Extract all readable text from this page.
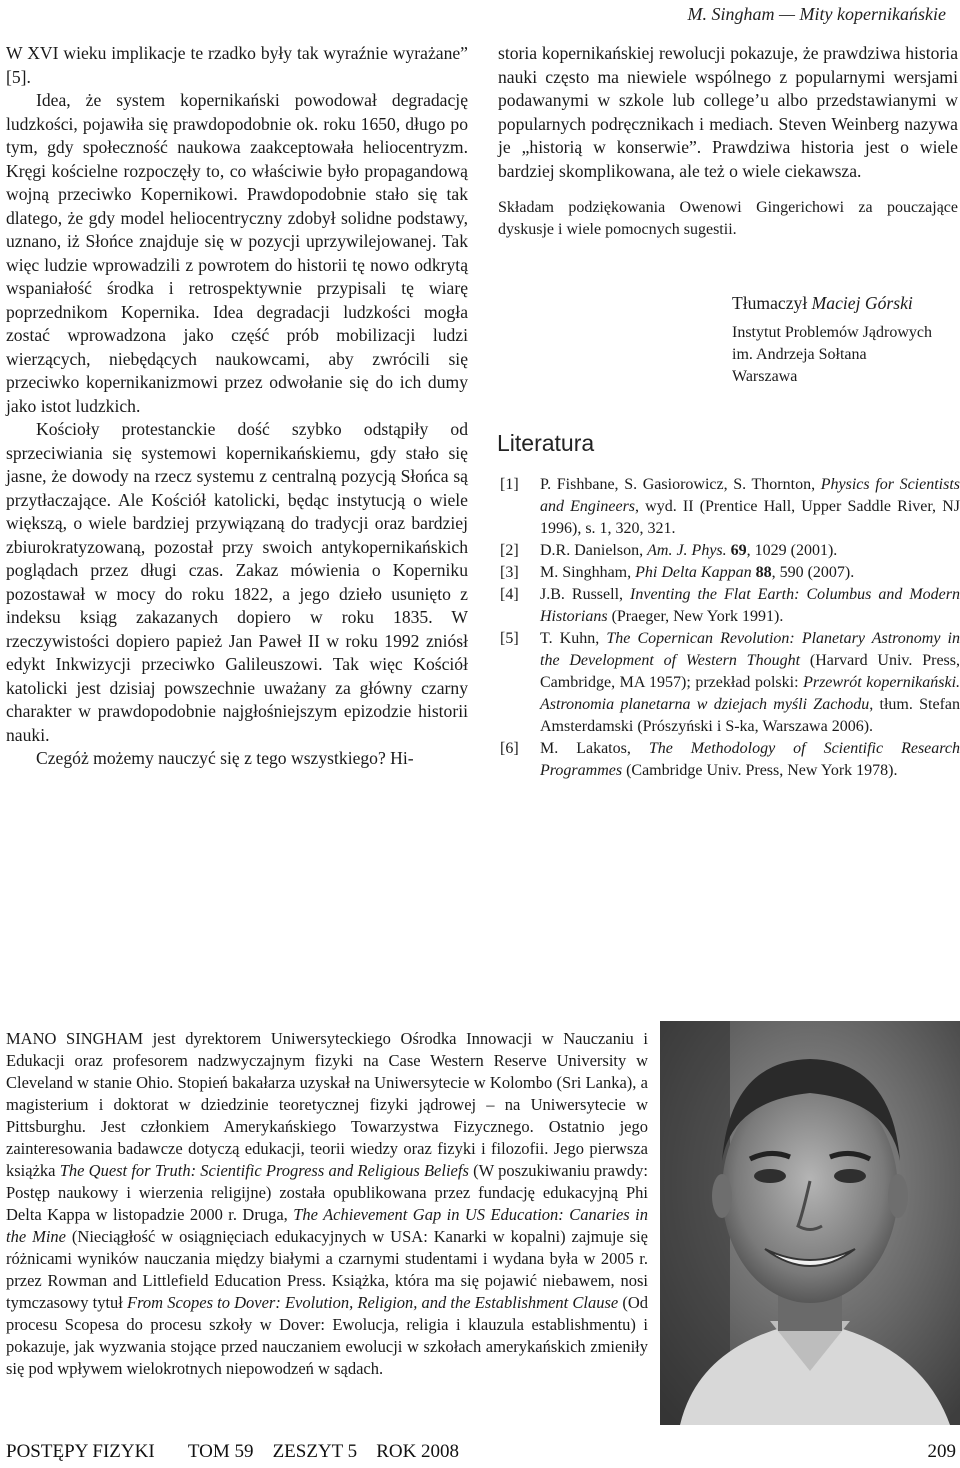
M. Singham — Mity kopernikańskie

W XVI wieku implikacje te rzadko były tak wyraźnie wyrażane” [5].

Idea, że system kopernikański powodował degradację ludzkości, pojawiła się prawdopodobnie ok. roku 1650, długo po tym, gdy społeczność naukowa zaakceptowała heliocentryzm. Kręgi kościelne rozpoczęły to, co właściwie było propagandową wojną przeciwko Kopernikowi. Prawdopodobnie stało się tak dlatego, że gdy model heliocentryczny zdobył solidne podstawy, uznano, iż Słońce znajduje się w pozycji uprzywilejowanej. Tak więc ludzie wprowadzili z powrotem do historii tę nowo odkrytą wspaniałość środka i retrospektywnie przypisali tę wiarę poprzednikom Kopernika. Idea degradacji ludzkości mogła zostać wprowadzona jako część prób mobilizacji ludzi wierzących, niebędących naukowcami, aby zwrócili się przeciwko kopernikanizmowi przez odwołanie się do ich dumy jako istot ludzkich.

Kościoły protestanckie dość szybko odstąpiły od sprzeciwiania się systemowi kopernikańskiemu, gdy stało się jasne, że dowody na rzecz systemu z centralną pozycją Słońca są przytłaczające. Ale Kościół katolicki, będąc instytucją o wiele większą, o wiele bardziej przywiązaną do tradycji oraz bardziej zbiurokratyzowaną, pozostał przy swoich antykopernikańskich poglądach przez długi czas. Zakaz mówienia o Koperniku pozostawał w mocy do roku 1822, a jego dzieło usunięto z indeksu ksiąg zakazanych dopiero w roku 1835. W rzeczywistości dopiero papież Jan Paweł II w roku 1992 zniósł edykt Inkwizycji przeciwko Galileuszowi. Tak więc Kościół katolicki jest dzisiaj powszechnie uważany za główny czarny charakter w prawdopodobnie najgłośniejszym epizodzie historii nauki.

Czegóż możemy nauczyć się z tego wszystkiego? Hi-

storia kopernikańskiej rewolucji pokazuje, że prawdziwa historia nauki często ma niewiele wspólnego z popularnymi wersjami podawanymi w szkole lub college’u albo przedstawianymi w popularnych podręcznikach i mediach. Steven Weinberg nazywa je „historią w konserwie”. Prawdziwa historia jest o wiele bardziej skomplikowana, ale też o wiele ciekawsza.

Składam podziękowania Owenowi Gingerichowi za pouczające dyskusje i wiele pomocnych sugestii.

Tłumaczył Maciej Górski
Instytut Problemów Jądrowych
im. Andrzeja Sołtana
Warszawa
Literatura
[1]	P. Fishbane, S. Gasiorowicz, S. Thornton, Physics for Scientists and Engineers, wyd. II (Prentice Hall, Upper Saddle River, NJ 1996), s. 1, 320, 321.
[2]	D.R. Danielson, Am. J. Phys. 69, 1029 (2001).
[3]	M. Singhham, Phi Delta Kappan 88, 590 (2007).
[4]	J.B. Russell, Inventing the Flat Earth: Columbus and Modern Historians (Praeger, New York 1991).
[5]	T. Kuhn, The Copernican Revolution: Planetary Astronomy in the Development of Western Thought (Harvard Univ. Press, Cambridge, MA 1957); przekład polski: Przewrót kopernikański. Astronomia planetarna w dziejach myśli Zachodu, tłum. Stefan Amsterdamski (Prószyński i S-ka, Warszawa 2006).
[6]	M. Lakatos, The Methodology of Scientific Research Programmes (Cambridge Univ. Press, New York 1978).
MANO SINGHAM jest dyrektorem Uniwersyteckiego Ośrodka Innowacji w Nauczaniu i Edukacji oraz profesorem nadzwyczajnym fizyki na Case Western Reserve University w Cleveland w stanie Ohio. Stopień bakałarza uzyskał na Uniwersytecie w Kolombo (Sri Lanka), a magisterium i doktorat w dziedzinie teoretycznej fizyki jądrowej – na Uniwersytecie w Pittsburghu. Jest członkiem Amerykańskiego Towarzystwa Fizycznego. Ostatnio jego zainteresowania badawcze dotyczą edukacji, teorii wiedzy oraz fizyki i filozofii. Jego pierwsza książka The Quest for Truth: Scientific Progress and Religious Beliefs (W poszukiwaniu prawdy: Postęp naukowy i wierzenia religijne) została opublikowana przez fundację edukacyjną Phi Delta Kappa w listopadzie 2000 r. Druga, The Achievement Gap in US Education: Canaries in the Mine (Nieciągłość w osiągnięciach edukacyjnych w USA: Kanarki w kopalni) zajmuje się różnicami wyników nauczania między białymi a czarnymi studentami i wydana była w 2005 r. przez Rowman and Littlefield Education Press. Książka, która ma się pojawić niebawem, nosi tymczasowy tytuł From Scopes to Dover: Evolution, Religion, and the Establishment Clause (Od procesu Scopesa do procesu szkoły w Dover: Ewolucja, religia i klauzula establishmentu) i pokazuje, jak wyzwania stojące przed nauczaniem ewolucji w szkołach amerykańskich zmieniły się pod wpływem wielokrotnych niepowodzeń w sądach.
POSTĘPY FIZYKI TOM 59 ZESZYT 5 ROK 2008	209
